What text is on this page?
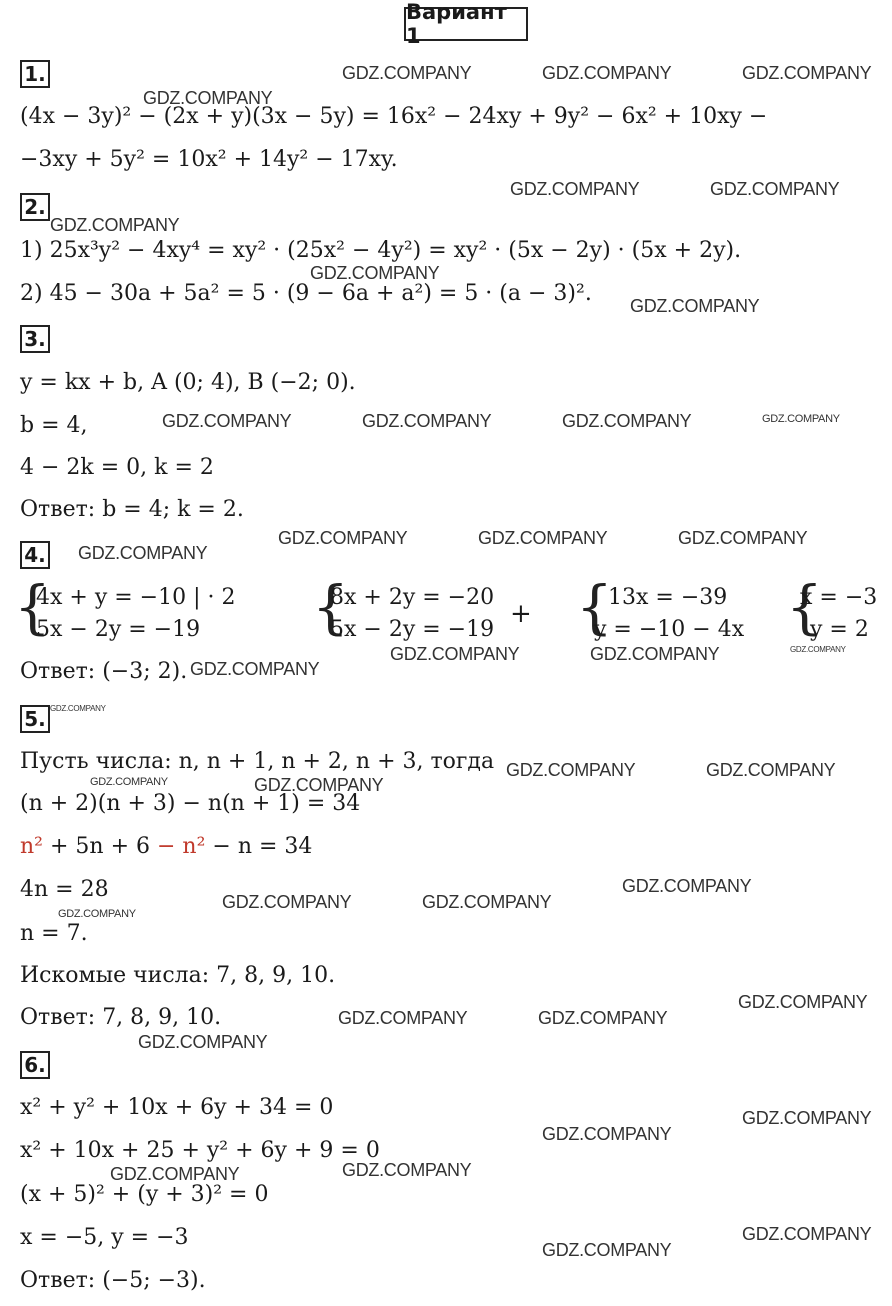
Вариант 1
1.
(4x − 3y)² − (2x + y)(3x − 5y) = 16x² − 24xy + 9y² − 6x² + 10xy −
−3xy + 5y² = 10x² + 14y² − 17xy.
2.
1) 25x³y² − 4xy⁴ = xy² · (25x² − 4y²) = xy² · (5x − 2y) · (5x + 2y).
2) 45 − 30a + 5a² = 5 · (9 − 6a + a²) = 5 · (a − 3)².
3.
y = kx + b, A (0; 4), B (−2; 0).
b = 4,
4 − 2k = 0, k = 2
Ответ: b = 4; k = 2.
4.
{
4x + y = −10 | · 2
5x − 2y = −19	{
8x + 2y = −20
5x − 2y = −19
+ {
13x = −39
y = −10 − 4x {
x = −3
y = 2
Ответ: (−3; 2).
5.
Пусть числа: n, n + 1, n + 2, n + 3, тогда
(n + 2)(n + 3) − n(n + 1) = 34
n² + 5n + 6 − n² − n = 34
4n = 28
n = 7.
Искомые числа: 7, 8, 9, 10.
Ответ: 7, 8, 9, 10.
6.
x² + y² + 10x + 6y + 34 = 0
x² + 10x + 25 + y² + 6y + 9 = 0
(x + 5)² + (y + 3)² = 0
x = −5, y = −3
Ответ: (−5; −3).
GDZ.COMPANY	GDZ.COMPANY	GDZ.COMPANY
GDZ.COMPANY
GDZ.COMPANY	GDZ.COMPANY
GDZ.COMPANY
GDZ.COMPANY
GDZ.COMPANY
GDZ.COMPANY	GDZ.COMPANY	GDZ.COMPANY	GDZ.COMPANY
GDZ.COMPANY	GDZ.COMPANY	GDZ.COMPANY
GDZ.COMPANY
GDZ.COMPANY	GDZ.COMPANY	GDZ.COMPANY
GDZ.COMPANY
GDZ.COMPANY
GDZ.COMPANY	GDZ.COMPANY
GDZ.COMPANY	GDZ.COMPANY
GDZ.COMPANY
GDZ.COMPANY	GDZ.COMPANY
GDZ.COMPANY
GDZ.COMPANY
GDZ.COMPANY	GDZ.COMPANY
GDZ.COMPANY
GDZ.COMPANY
GDZ.COMPANY
GDZ.COMPANY
GDZ.COMPANY
GDZ.COMPANY
GDZ.COMPANY
